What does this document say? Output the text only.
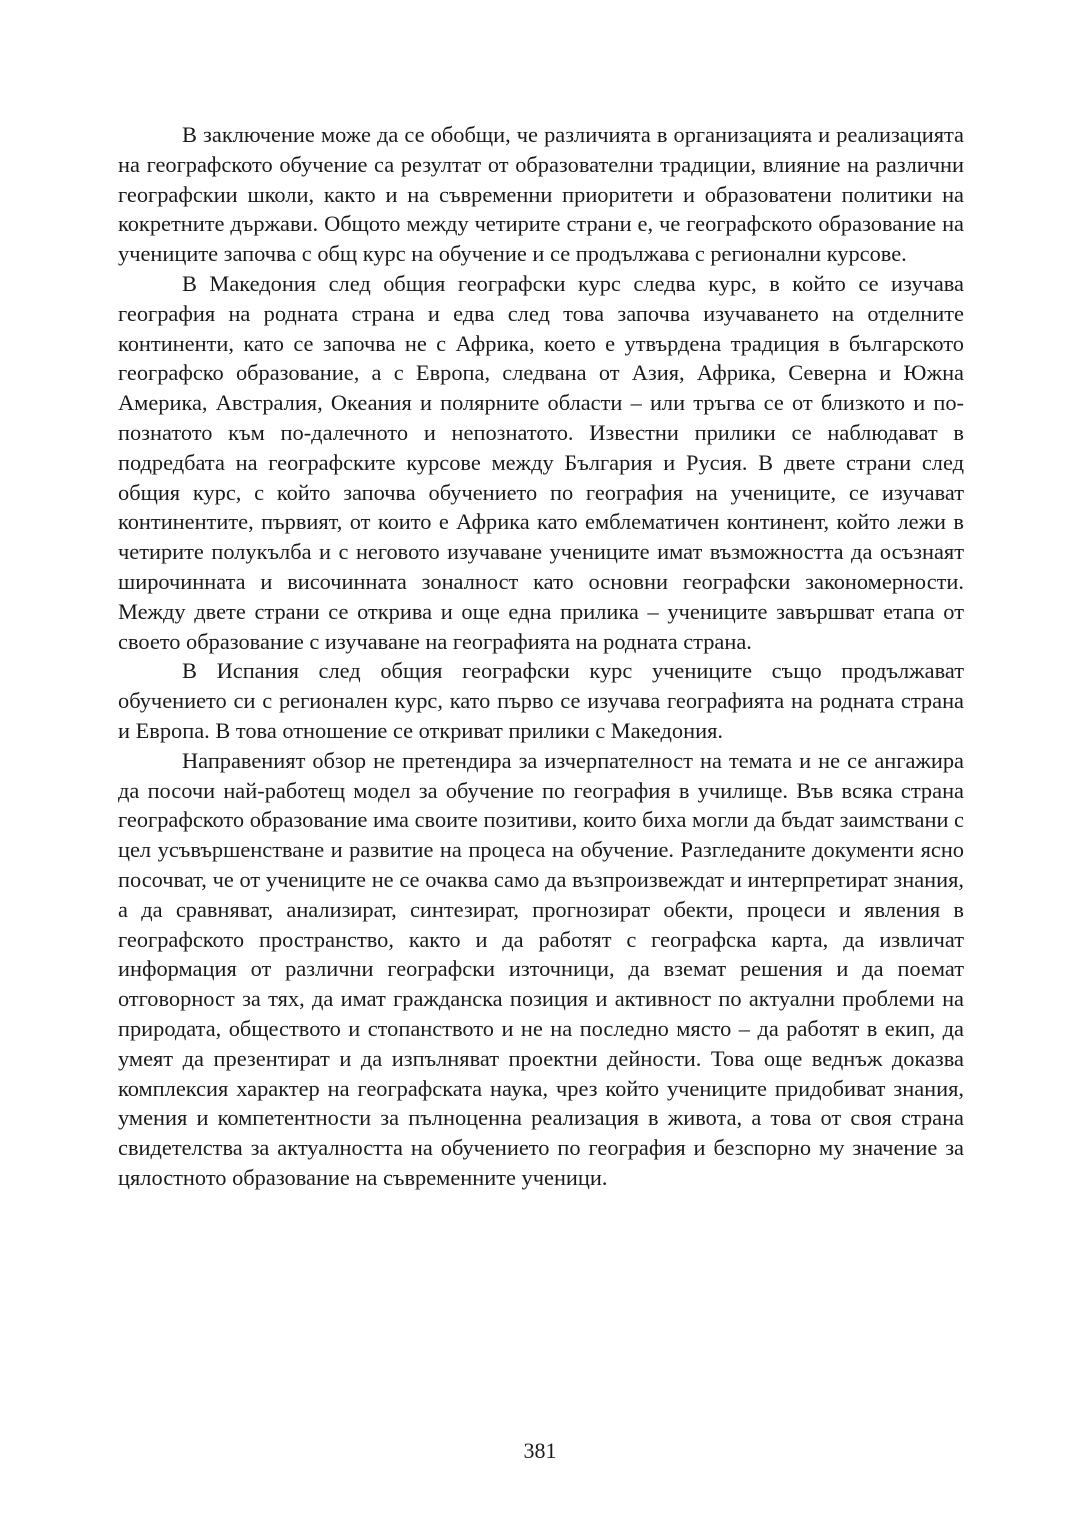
В заключение може да се обобщи, че различията в организацията и реализацията на географското обучение са резултат от образователни традиции, влияние на различни географскии школи, както и на съвременни приоритети и образоватени политики на кокретните държави. Общото между четирите страни е, че географското образование на учениците започва с общ курс на обучение и се продължава с регионални курсове.

В Македония след общия географски курс следва курс, в който се изучава география на родната страна и едва след това започва изучаването на отделните континенти, като се започва не с Африка, което е утвърдена традиция в българското географско образование, а с Европа, следвана от Азия, Африка, Северна и Южна Америка, Австралия, Океания и полярните области – или тръгва се от близкото и по-познатото към по-далечното и непознатото. Известни прилики се наблюдават в подредбата на географските курсове между България и Русия. В двете страни след общия курс, с който започва обучението по география на учениците, се изучават континентите, първият, от които е Африка като емблематичен континент, който лежи в четирите полукълба и с неговото изучаване учениците имат възможността да осъзнаят широчинната и височинната зоналност като основни географски закономерности. Между двете страни се открива и още една прилика – учениците завършват етапа от своето образование с изучаване на географията на родната страна.

В Испания след общия географски курс учениците също продължават обучението си с регионален курс, като първо се изучава географията на родната страна и Европа. В това отношение се откриват прилики с Македония.

Направеният обзор не претендира за изчерпателност на темата и не се ангажира да посочи най-работещ модел за обучение по география в училище. Във всяка страна географското образование има своите позитиви, които биха могли да бъдат заимствани с цел усъвършенстване и развитие на процеса на обучение. Разгледаните документи ясно посочват, че от учениците не се очаква само да възпроизвеждат и интерпретират знания, а да сравняват, анализират, синтезират, прогнозират обекти, процеси и явления в географското пространство, както и да работят с географска карта, да извличат информация от различни географски източници, да вземат решения и да поемат отговорност за тях, да имат гражданска позиция и активност по актуални проблеми на природата, обществото и стопанството и не на последно място – да работят в екип, да умеят да презентират и да изпълняват проектни дейности. Това още веднъж доказва комплексия характер на географската наука, чрез който учениците придобиват знания, умения и компетентности за пълноценна реализация в живота, а това от своя страна свидетелства за актуалността на обучението по география и безспорно му значение за цялостното образование на съвременните ученици.

381
